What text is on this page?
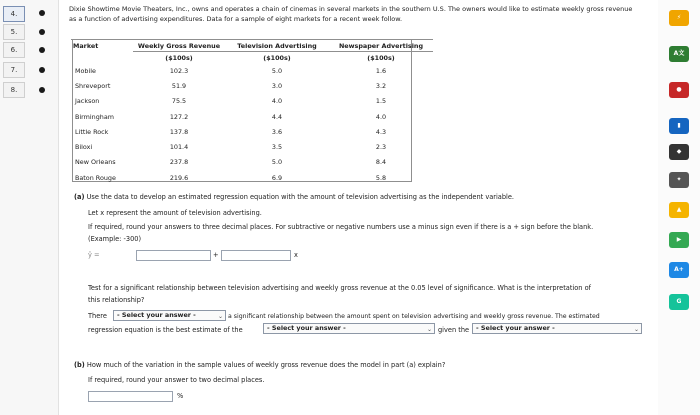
4.
5.
6.
7.
8.
Dixie Showtime Movie Theaters, Inc., owns and operates a chain of cinemas in several markets in the southern U.S. The owners would like to estimate weekly gross revenue as a function of advertising expenditures. Data for a sample of eight markets for a recent week follow.
Market	Weekly Gross Revenue	Television Advertising	Newspaper Advertising
	($100s)	($100s)	($100s)
Mobile	102.3	5.0	1.6
Shreveport	51.9	3.0	3.2
Jackson	75.5	4.0	1.5
Birmingham	127.2	4.4	4.0
Little Rock	137.8	3.6	4.3
Biloxi	101.4	3.5	2.3
New Orleans	237.8	5.0	8.4
Baton Rouge	219.6	6.9	5.8
(a) Use the data to develop an estimated regression equation with the amount of television advertising as the independent variable.
Let x represent the amount of television advertising.
If required, round your answers to three decimal places. For subtractive or negative numbers use a minus sign even if there is a + sign before the blank.
(Example: -300)
ŷ =	+	x
Test for a significant relationship between television advertising and weekly gross revenue at the 0.05 level of significance. What is the interpretation of
this relationship?
There	- Select your answer -	⌄ a significant relationship between the amount spent on television advertising and weekly gross revenue. The estimated
regression equation is the best estimate of the	- Select your answer -	⌄ given the	- Select your answer -	⌄
(b) How much of the variation in the sample values of weekly gross revenue does the model in part (a) explain?
If required, round your answer to two decimal places.
%
⚡
A文
●
▮
◆
✦
▲
▶
A+
G
